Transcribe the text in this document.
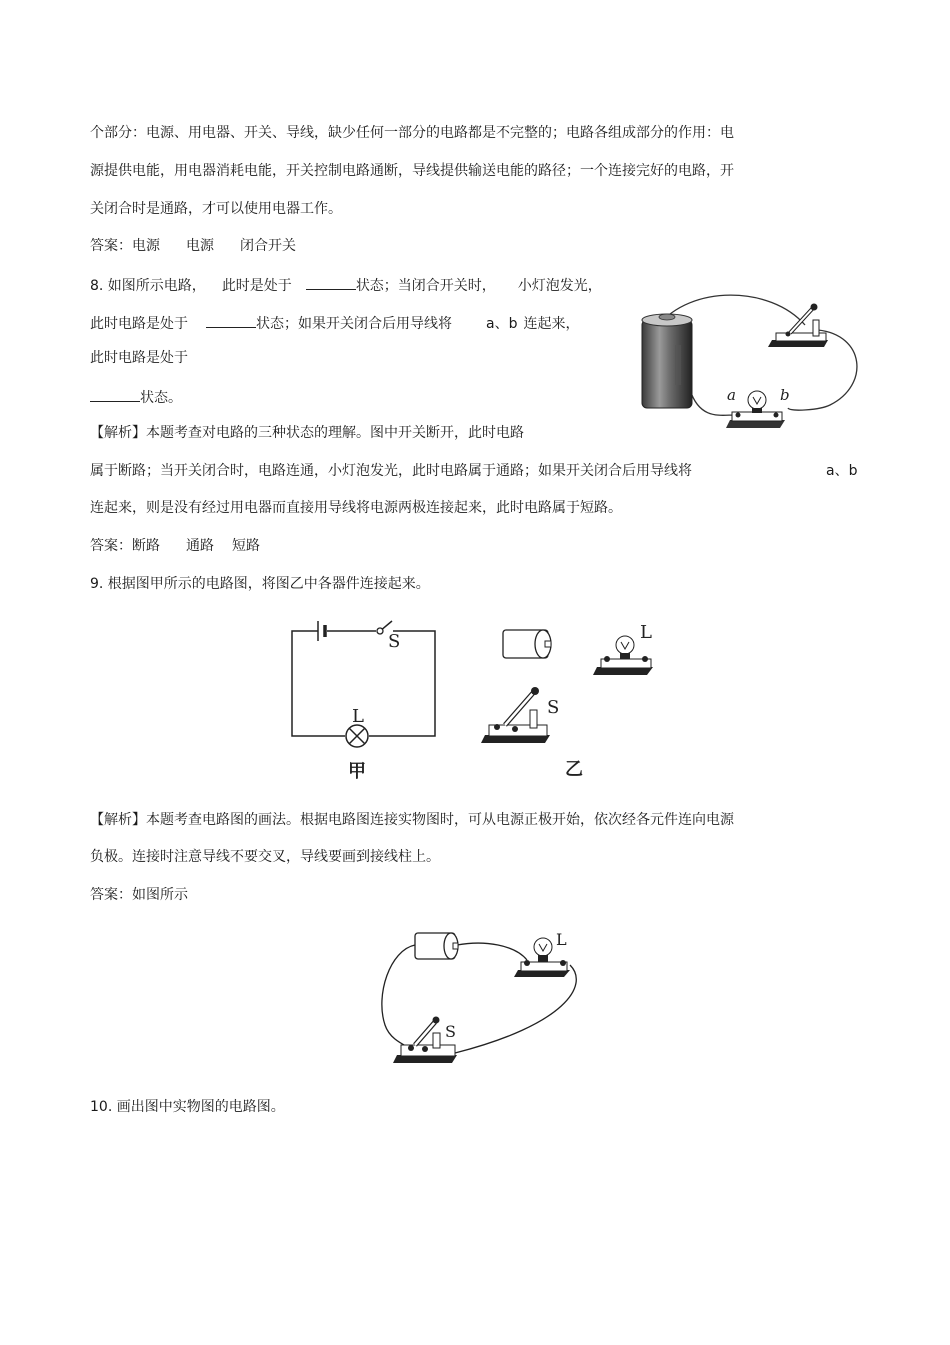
个部分：电源、用电器、开关、导线，缺少任何一部分的电路都是不完整的；电路各组成部分的作用：电
源提供电能，用电器消耗电能，开关控制电路通断，导线提供输送电能的路径；一个连接完好的电路，开
关闭合时是通路，才可以使用电器工作。
答案：电源 电源 闭合开关
8. 如图所示电路， 此时是处于	状态；当闭合开关时， 小灯泡发光，
此时电路是处于	状态；如果开关闭合后用导线将 a、b 连起来，
此时电路是处于
状态。	a	b
【解析】本题考查对电路的三种状态的理解。图中开关断开，此时电路
属于断路；当开关闭合时，电路连通，小灯泡发光，此时电路属于通路；如果开关闭合后用导线将	a、b
连起来，则是没有经过用电器而直接用导线将电源两极连接起来，此时电路属于短路。
答案：断路 通路 短路
9. 根据图甲所示的电路图，将图乙中各器件连接起来。
S
L
甲
L
S
乙
【解析】本题考查电路图的画法。根据电路图连接实物图时，可从电源正极开始，依次经各元件连向电源
负极。连接时注意导线不要交叉，导线要画到接线柱上。
答案：如图所示
L
S
10. 画出图中实物图的电路图。
